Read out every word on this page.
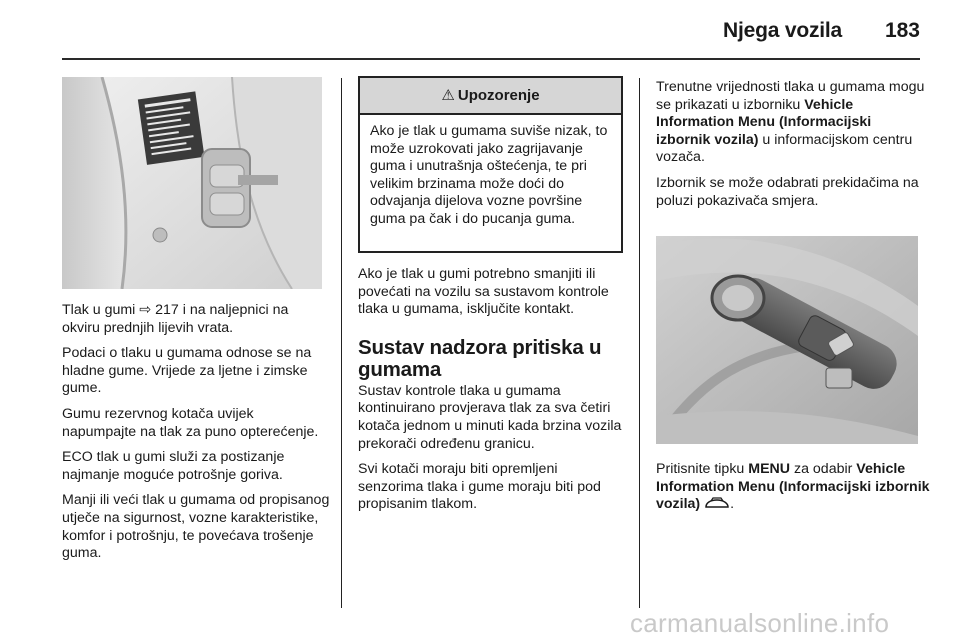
Njega vozila 183

Tlak u gumi ⇨ 217 i na naljepnici na okviru prednjih lijevih vrata.

Podaci o tlaku u gumama odnose se na hladne gume. Vrijede za ljetne i zimske gume.

Gumu rezervnog kotača uvijek napumpajte na tlak za puno opterećenje.

ECO tlak u gumi služi za postizanje najmanje moguće potrošnje goriva.

Manji ili veći tlak u gumama od propisanog utječe na sigurnost, vozne karakteristike, komfor i potrošnju, te povećava trošenje guma.

⚠ Upozorenje
Ako je tlak u gumama suviše nizak, to može uzrokovati jako zagrijavanje guma i unutrašnja oštećenja, te pri velikim brzinama može doći do odvajanja dijelova vozne površine guma pa čak i do pucanja guma.

Ako je tlak u gumi potrebno smanjiti ili povećati na vozilu sa sustavom kontrole tlaka u gumama, isključite kontakt.

Sustav nadzora pritiska u gumama

Sustav kontrole tlaka u gumama kontinuirano provjerava tlak za sva četiri kotača jednom u minuti kada brzina vozila prekorači određenu granicu.

Svi kotači moraju biti opremljeni senzorima tlaka i gume moraju biti pod propisanim tlakom.

Trenutne vrijednosti tlaka u gumama mogu se prikazati u izborniku Vehicle Information Menu (Informacijski izbornik vozila) u informacijskom centru vozača.

Izbornik se može odabrati prekidačima na poluzi pokazivača smjera.

Pritisnite tipku MENU za odabir Vehicle Information Menu (Informacijski izbornik vozila) .

carmanualsonline.info
